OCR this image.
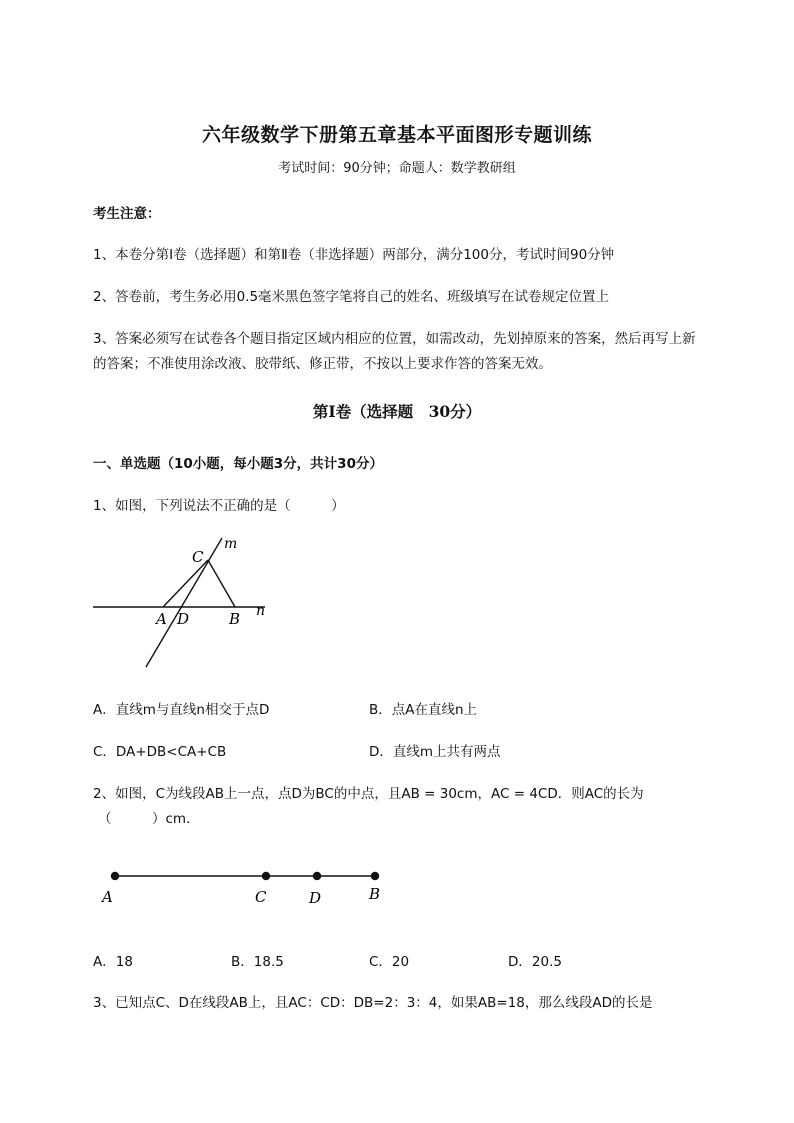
六年级数学下册第五章基本平面图形专题训练
考试时间：90分钟；命题人：数学教研组
考生注意：
1、本卷分第I卷（选择题）和第Ⅱ卷（非选择题）两部分，满分100分，考试时间90分钟
2、答卷前，考生务必用0.5毫米黑色签字笔将自己的姓名、班级填写在试卷规定位置上
3、答案必须写在试卷各个题目指定区域内相应的位置，如需改动，先划掉原来的答案，然后再写上新
的答案；不准使用涂改液、胶带纸、修正带，不按以上要求作答的答案无效。
第I卷（选择题　30分）
一、单选题（10小题，每小题3分，共计30分）
1、如图，下列说法不正确的是（　　　）
C
m
A D	B n
A．直线m与直线n相交于点D	B．点A在直线n上
C．DA+DB<CA+CB	D．直线m上共有两点
2、如图，C为线段AB上一点，点D为BC的中点，且AB = 30cm，AC = 4CD．则AC的长为
（　　　）cm．
A	C	D	B
A．18	B．18.5	C．20	D．20.5
3、已知点C、D在线段AB上，且AC：CD：DB=2：3：4，如果AB=18，那么线段AD的长是
